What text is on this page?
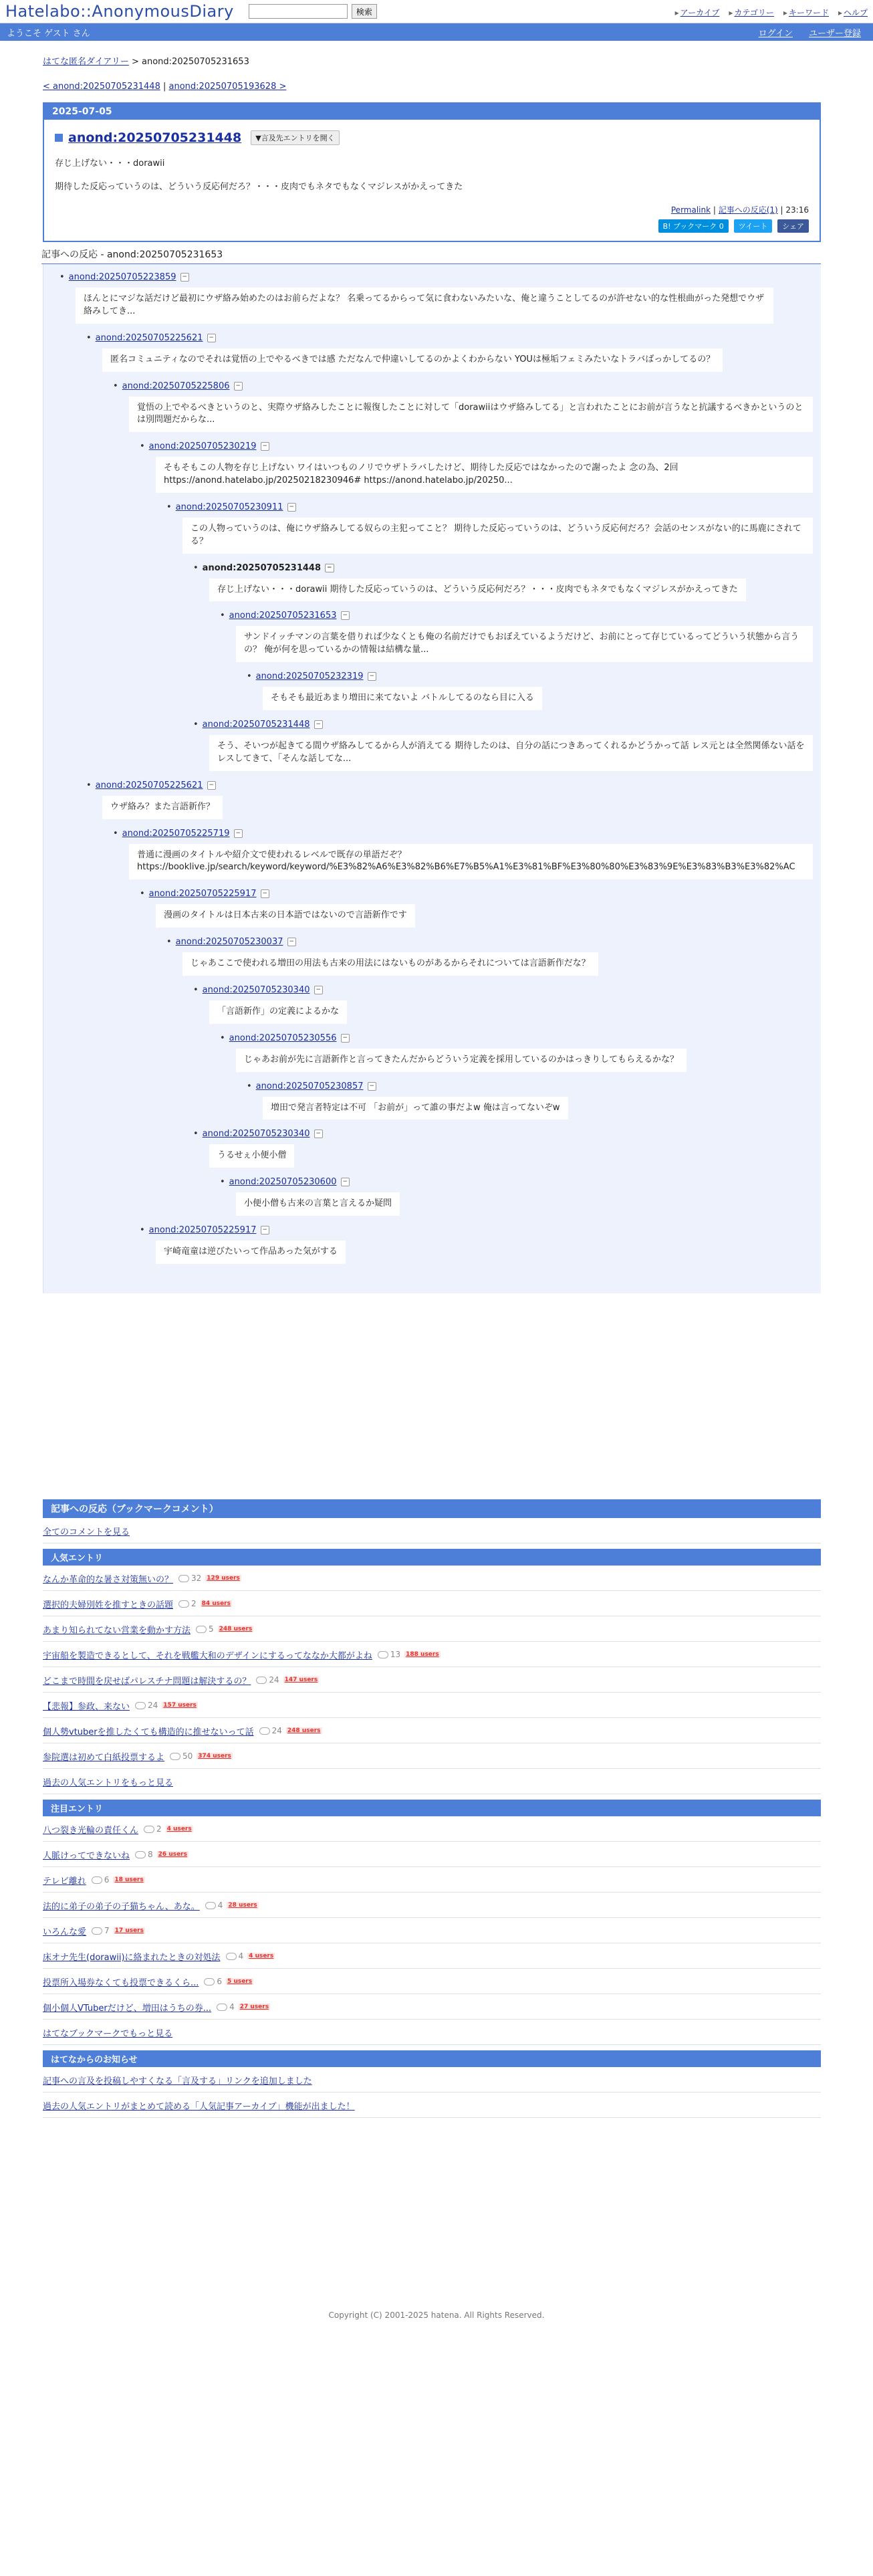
Hatelabo::AnonymousDiary	検索	▸ アーカイブ	▸ カテゴリー	▸ キーワード	▸ ヘルプ
ようこそ ゲスト さん	ログイン ユーザー登録
はてな匿名ダイアリー > anond:20250705231653
< anond:20250705231448 | anond:20250705193628 >
2025-07-05
anond:20250705231448	▼言及先エントリを開く

存じ上げない・・・dorawii

期待した反応っていうのは、どういう反応何だろ？・・・皮肉でもネタでもなくマジレスがかえってきた

Permalink | 記事への反応(1) | 23:16
B! ブックマーク 0	ツイート	シェア
記事への反応 - anond:20250705231653
• anond:20250705223859	−
ほんとにマジな話だけど最初にウザ絡み始めたのはお前らだよな？ 名乗ってるからって気に食わないみたいな、俺と違うことしてるのが許せない的な性根曲がった発想でウザ絡みしてき...
• anond:20250705225621	−
匿名コミュニティなのでそれは覚悟の上でやるべきでは感 ただなんで仲違いしてるのかよくわからない YOUは極垢フェミみたいなトラバばっかしてるの？
• anond:20250705225806	−
覚悟の上でやるべきというのと、実際ウザ絡みしたことに報復したことに対して「dorawiiはウザ絡みしてる」と言われたことにお前が言うなと抗議するべきかというのとは別問題だからな...
• anond:20250705230219	−
そもそもこの人物を存じ上げない ワイはいつものノリでウザトラバしたけど、期待した反応ではなかったので謝ったよ 念の為、2回 https://anond.hatelabo.jp/20250218230946# https://anond.hatelabo.jp/20250...
• anond:20250705230911	−
この人物っていうのは、俺にウザ絡みしてる奴らの主犯ってこと？ 期待した反応っていうのは、どういう反応何だろ？会話のセンスがない的に馬鹿にされてる？
• anond:20250705231448	−
存じ上げない・・・dorawii 期待した反応っていうのは、どういう反応何だろ？・・・皮肉でもネタでもなくマジレスがかえってきた
• anond:20250705231653	−
サンドイッチマンの言葉を借りれば少なくとも俺の名前だけでもおぼえているようだけど、お前にとって存じているってどういう状態から言うの？ 俺が何を思っているかの情報は結構な量...
• anond:20250705232319	−
そもそも最近あまり増田に来てないよ バトルしてるのなら目に入る
• anond:20250705231448	−
そう、そいつが起きてる間ウザ絡みしてるから人が消えてる 期待したのは、自分の話につきあってくれるかどうかって話 レス元とは全然関係ない話をレスしてきて、「そんな話してな...
• anond:20250705225621	−
ウザ絡み？また言語新作？
• anond:20250705225719	−
普通に漫画のタイトルや紹介文で使われるレベルで既存の単語だぞ？ https://booklive.jp/search/keyword/keyword/%E3%82%A6%E3%82%B6%E7%B5%A1%E3%81%BF%E3%80%80%E3%83%9E%E3%83%B3%E3%82%AC
• anond:20250705225917	−
漫画のタイトルは日本古来の日本語ではないので言語新作です
• anond:20250705230037	−
じゃあここで使われる増田の用法も古来の用法にはないものがあるからそれについては言語新作だな？
• anond:20250705230340	−
「言語新作」の定義によるかな
• anond:20250705230556	−
じゃあお前が先に言語新作と言ってきたんだからどういう定義を採用しているのかはっきりしてもらえるかな？
• anond:20250705230857	−
増田で発言者特定は不可 「お前が」って誰の事だよw 俺は言ってないぞw
• anond:20250705230340	−
うるせぇ小便小僧
• anond:20250705230600	−
小便小僧も古来の言葉と言えるか疑問
• anond:20250705225917	−
宇崎竜童は逆びたいって作品あった気がする
記事への反応（ブックマークコメント）
全てのコメントを見る
人気エントリ
なんか革命的な暑さ対策無いの？	32 129 users
選択的夫婦別姓を推すときの話題	2 84 users
あまり知られてない営業を動かす方法	5 248 users
宇宙船を製造できるとして、それを戦艦大和のデザインにするってななか大都がよね	13 188 users
どこまで時間を戻せばパレスチナ問題は解決するの？	24 147 users
【悲報】参政、来ない	24 157 users
個人勢vtuberを推したくても構造的に推せないって話	24 248 users
参院選は初めて白紙投票するよ	50 374 users
過去の人気エントリをもっと見る
注目エントリ
八つ裂き光輪の責任くん	2 4 users
人脈けってできないね	8 26 users
テレビ離れ	6 18 users
法的に弟子の弟子の子猫ちゃん、あな。	4 28 users
いろんな愛	7 17 users
床オナ先生(dorawii)に絡まれたときの対処法	4 4 users
投票所入場券なくても投票できるくら...	6 5 users
個小個人VTuberだけど、増田はうちの券...	4 27 users
はてなブックマークでもっと見る
はてなからのお知らせ
記事への言及を投稿しやすくなる「言及する」リンクを追加しました
過去の人気エントリがまとめて読める「人気記事アーカイブ」機能が出ました！
Copyright (C) 2001-2025 hatena. All Rights Reserved.
